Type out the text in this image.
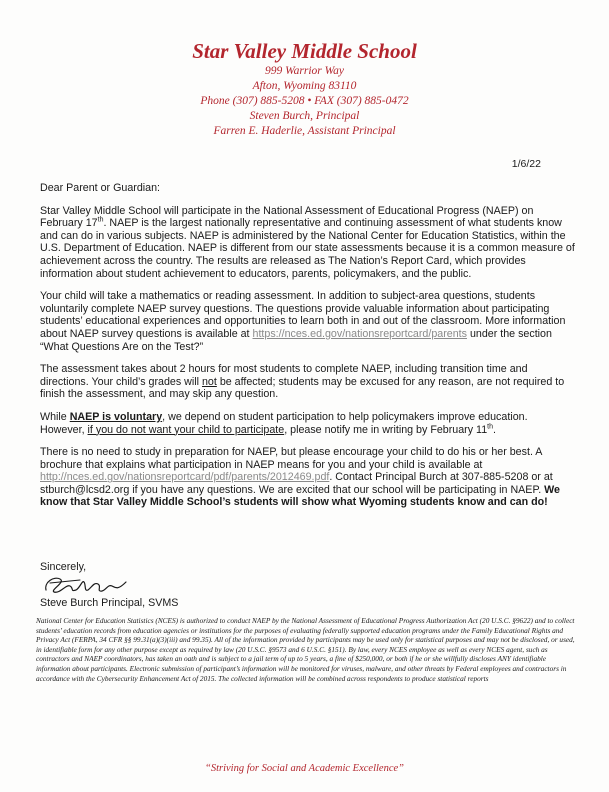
Star Valley Middle School
999 Warrior Way
Afton, Wyoming 83110
Phone (307) 885-5208 • FAX (307) 885-0472
Steven Burch, Principal
Farren E. Haderlie, Assistant Principal
1/6/22

Dear Parent or Guardian:

Star Valley Middle School will participate in the National Assessment of Educational Progress (NAEP) on February 17th. NAEP is the largest nationally representative and continuing assessment of what students know and can do in various subjects. NAEP is administered by the National Center for Education Statistics, within the U.S. Department of Education. NAEP is different from our state assessments because it is a common measure of achievement across the country. The results are released as The Nation’s Report Card, which provides information about student achievement to educators, parents, policymakers, and the public.

Your child will take a mathematics or reading assessment. In addition to subject-area questions, students voluntarily complete NAEP survey questions. The questions provide valuable information about participating students’ educational experiences and opportunities to learn both in and out of the classroom. More information about NAEP survey questions is available at https://nces.ed.gov/nationsreportcard/parents under the section “What Questions Are on the Test?”

The assessment takes about 2 hours for most students to complete NAEP, including transition time and directions. Your child’s grades will not be affected; students may be excused for any reason, are not required to finish the assessment, and may skip any question.

While NAEP is voluntary, we depend on student participation to help policymakers improve education. However, if you do not want your child to participate, please notify me in writing by February 11th.

There is no need to study in preparation for NAEP, but please encourage your child to do his or her best. A brochure that explains what participation in NAEP means for you and your child is available at http://nces.ed.gov/nationsreportcard/pdf/parents/2012469.pdf. Contact Principal Burch at 307-885-5208 or at stburch@lcsd2.org if you have any questions. We are excited that our school will be participating in NAEP. We know that Star Valley Middle School’s students will show what Wyoming students know and can do!

Sincerely,
Steve Burch Principal, SVMS
National Center for Education Statistics (NCES) is authorized to conduct NAEP by the National Assessment of Educational Progress Authorization Act (20 U.S.C. §9622) and to collect students’ education records from education agencies or institutions for the purposes of evaluating federally supported education programs under the Family Educational Rights and Privacy Act (FERPA, 34 CFR §§ 99.31(a)(3)(iii) and 99.35). All of the information provided by participants may be used only for statistical purposes and may not be disclosed, or used, in identifiable form for any other purpose except as required by law (20 U.S.C. §9573 and 6 U.S.C. §151). By law, every NCES employee as well as every NCES agent, such as contractors and NAEP coordinators, has taken an oath and is subject to a jail term of up to 5 years, a fine of $250,000, or both if he or she willfully discloses ANY identifiable information about participants. Electronic submission of participant’s information will be monitored for viruses, malware, and other threats by Federal employees and contractors in accordance with the Cybersecurity Enhancement Act of 2015. The collected information will be combined across respondents to produce statistical reports
“Striving for Social and Academic Excellence”
